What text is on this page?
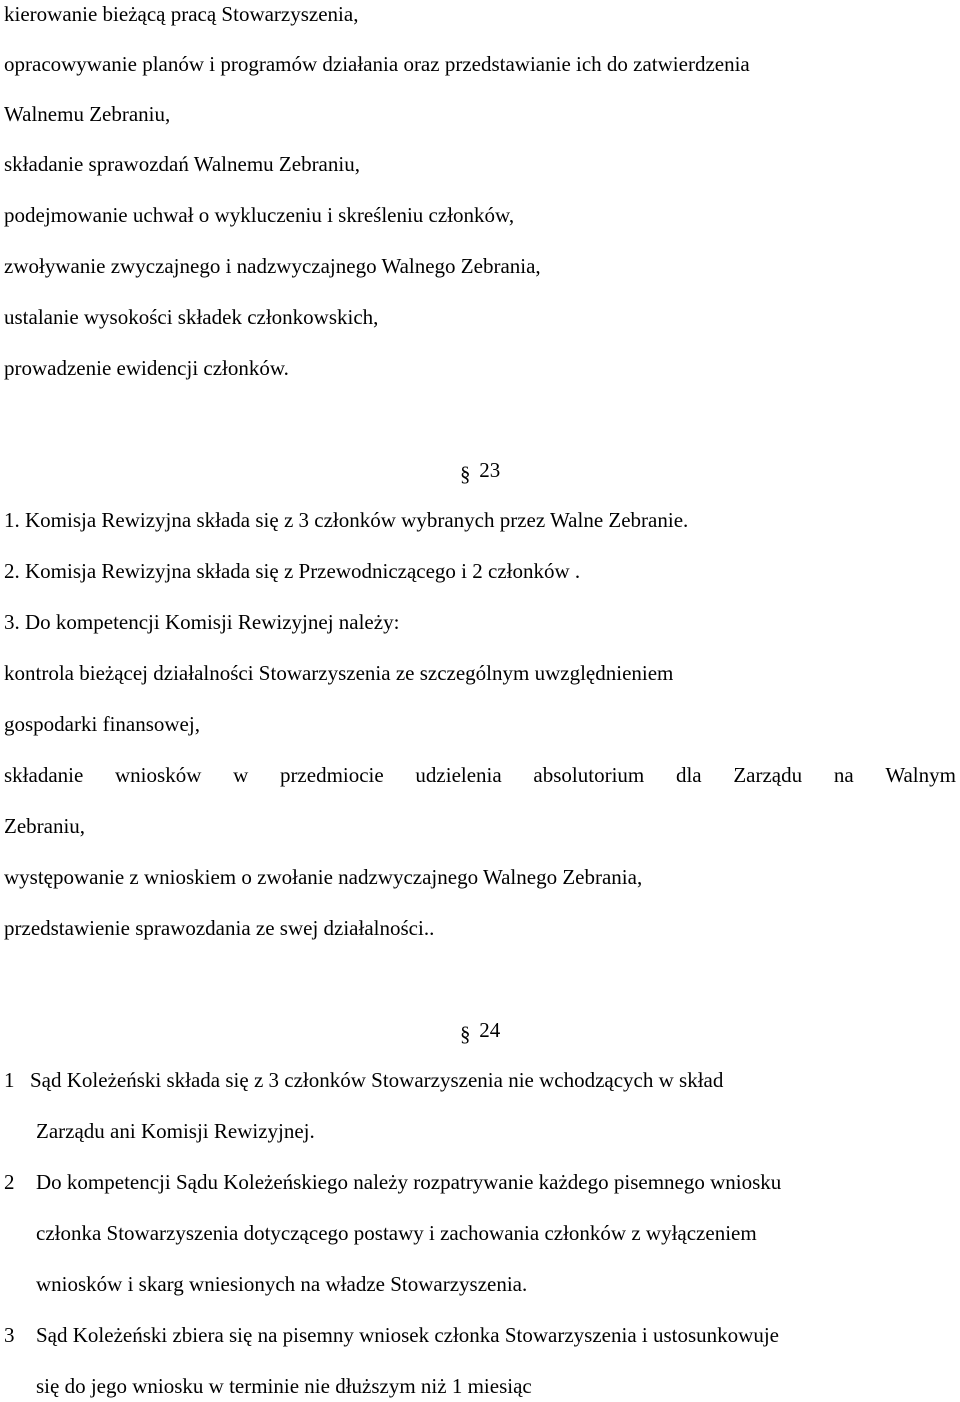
kierowanie bieżącą pracą Stowarzyszenia,
opracowywanie planów i programów działania oraz przedstawianie ich do zatwierdzenia
Walnemu Zebraniu,
składanie sprawozdań Walnemu Zebraniu,
podejmowanie uchwał o wykluczeniu i skreśleniu członków,
zwoływanie zwyczajnego i nadzwyczajnego Walnego Zebrania,
ustalanie wysokości składek członkowskich,
prowadzenie ewidencji członków.
§ 23
1. Komisja Rewizyjna składa się z 3 członków wybranych przez Walne Zebranie.
2. Komisja Rewizyjna składa się z Przewodniczącego i 2 członków .
3. Do kompetencji Komisji Rewizyjnej należy:
kontrola bieżącej działalności Stowarzyszenia ze szczególnym uwzględnieniem
gospodarki finansowej,
składanie wniosków w przedmiocie udzielenia absolutorium dla Zarządu na Walnym
Zebraniu,
występowanie z wnioskiem o zwołanie nadzwyczajnego Walnego Zebrania,
przedstawienie sprawozdania ze swej działalności..
§ 24
1 Sąd Koleżeński składa się z 3 członków Stowarzyszenia nie wchodzących w skład
Zarządu ani Komisji Rewizyjnej.
2 Do kompetencji Sądu Koleżeńskiego należy rozpatrywanie każdego pisemnego wniosku
członka Stowarzyszenia dotyczącego postawy i zachowania członków z wyłączeniem
wniosków i skarg wniesionych na władze Stowarzyszenia.
3 Sąd Koleżeński zbiera się na pisemny wniosek członka Stowarzyszenia i ustosunkowuje
się do jego wniosku w terminie nie dłuższym niż 1 miesiąc
